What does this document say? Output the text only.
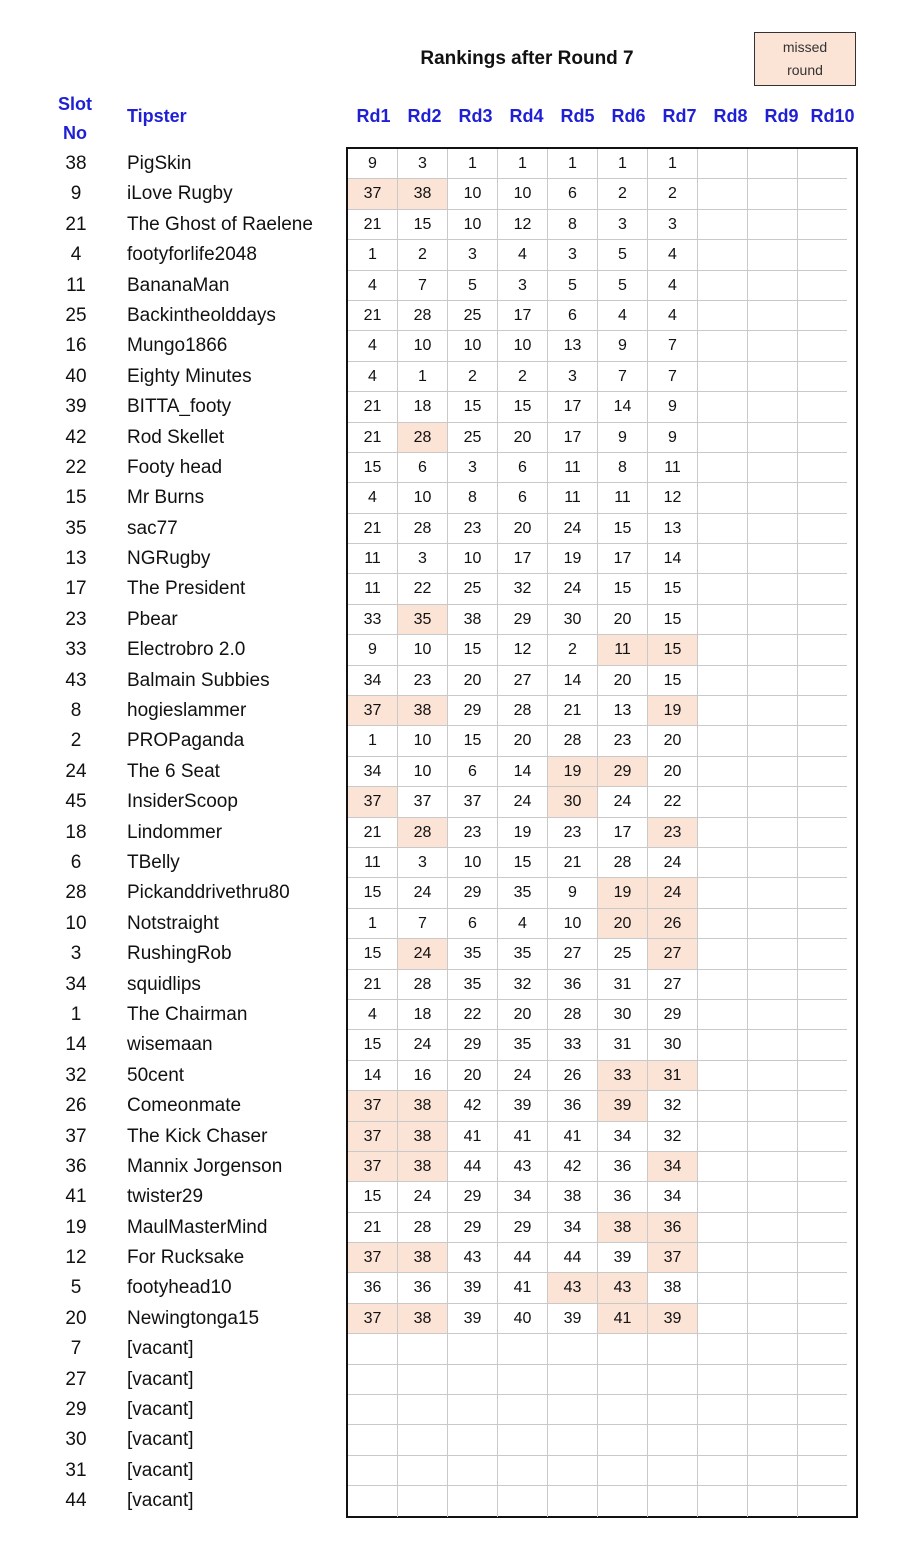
Rankings after Round 7
missed
round
Slot
No
Tipster	Rd1 Rd2 Rd3 Rd4 Rd5 Rd6 Rd7 Rd8 Rd9 Rd10
38	PigSkin	9	3	1	1	1	1	1
9	iLove Rugby	37	38	10	10	6	2	2
21	The Ghost of Raelene	21	15	10	12	8	3	3
4	footyforlife2048	1	2	3	4	3	5	4
11	BananaMan	4	7	5	3	5	5	4
25	Backintheolddays	21	28	25	17	6	4	4
16	Mungo1866	4	10	10	10	13	9	7
40	Eighty Minutes	4	1	2	2	3	7	7
39	BITTA_footy	21	18	15	15	17	14	9
42	Rod Skellet	21	28	25	20	17	9	9
22	Footy head	15	6	3	6	11	8	11
15	Mr Burns	4	10	8	6	11	11	12
35	sac77	21	28	23	20	24	15	13
13	NGRugby	11	3	10	17	19	17	14
17	The President	11	22	25	32	24	15	15
23	Pbear	33	35	38	29	30	20	15
33	Electrobro 2.0	9	10	15	12	2	11	15
43	Balmain Subbies	34	23	20	27	14	20	15
8	hogieslammer	37	38	29	28	21	13	19
2	PROPaganda	1	10	15	20	28	23	20
24	The 6 Seat	34	10	6	14	19	29	20
45	InsiderScoop	37	37	37	24	30	24	22
18	Lindommer	21	28	23	19	23	17	23
6	TBelly	11	3	10	15	21	28	24
28	Pickanddrivethru80	15	24	29	35	9	19	24
10	Notstraight	1	7	6	4	10	20	26
3	RushingRob	15	24	35	35	27	25	27
34	squidlips	21	28	35	32	36	31	27
1	The Chairman	4	18	22	20	28	30	29
14	wisemaan	15	24	29	35	33	31	30
32	50cent	14	16	20	24	26	33	31
26	Comeonmate	37	38	42	39	36	39	32
37	The Kick Chaser	37	38	41	41	41	34	32
36	Mannix Jorgenson	37	38	44	43	42	36	34
41	twister29	15	24	29	34	38	36	34
19	MaulMasterMind	21	28	29	29	34	38	36
12	For Rucksake	37	38	43	44	44	39	37
5	footyhead10	36	36	39	41	43	43	38
20	Newingtonga15	37	38	39	40	39	41	39
7	[vacant]
27	[vacant]
29	[vacant]
30	[vacant]
31	[vacant]
44	[vacant]
